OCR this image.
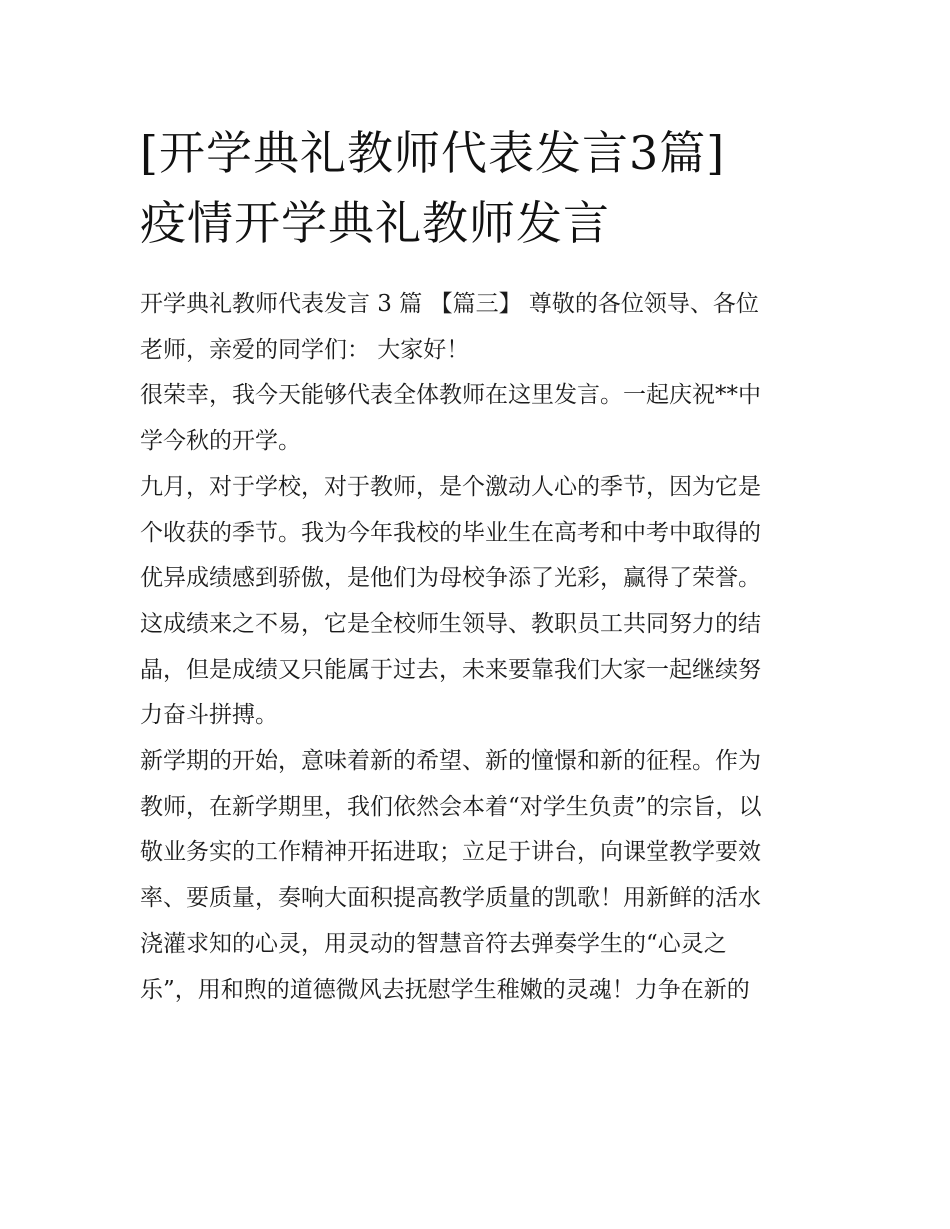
[开学典礼教师代表发言3篇]
疫情开学典礼教师发言
开学典礼教师代表发言 3 篇 【篇三】 尊敬的各位领导、各位
老师，亲爱的同学们： 大家好！
很荣幸，我今天能够代表全体教师在这里发言。一起庆祝**中
学今秋的开学。
九月，对于学校，对于教师，是个激动人心的季节，因为它是
个收获的季节。我为今年我校的毕业生在高考和中考中取得的
优异成绩感到骄傲，是他们为母校争添了光彩，赢得了荣誉。
这成绩来之不易，它是全校师生领导、教职员工共同努力的结
晶，但是成绩又只能属于过去，未来要靠我们大家一起继续努
力奋斗拼搏。
新学期的开始，意味着新的希望、新的憧憬和新的征程。作为
教师，在新学期里，我们依然会本着“对学生负责”的宗旨，以
敬业务实的工作精神开拓进取；立足于讲台，向课堂教学要效
率、要质量，奏响大面积提高教学质量的凯歌！用新鲜的活水
浇灌求知的心灵，用灵动的智慧音符去弹奏学生的“心灵之
乐”，用和煦的道德微风去抚慰学生稚嫩的灵魂！力争在新的
